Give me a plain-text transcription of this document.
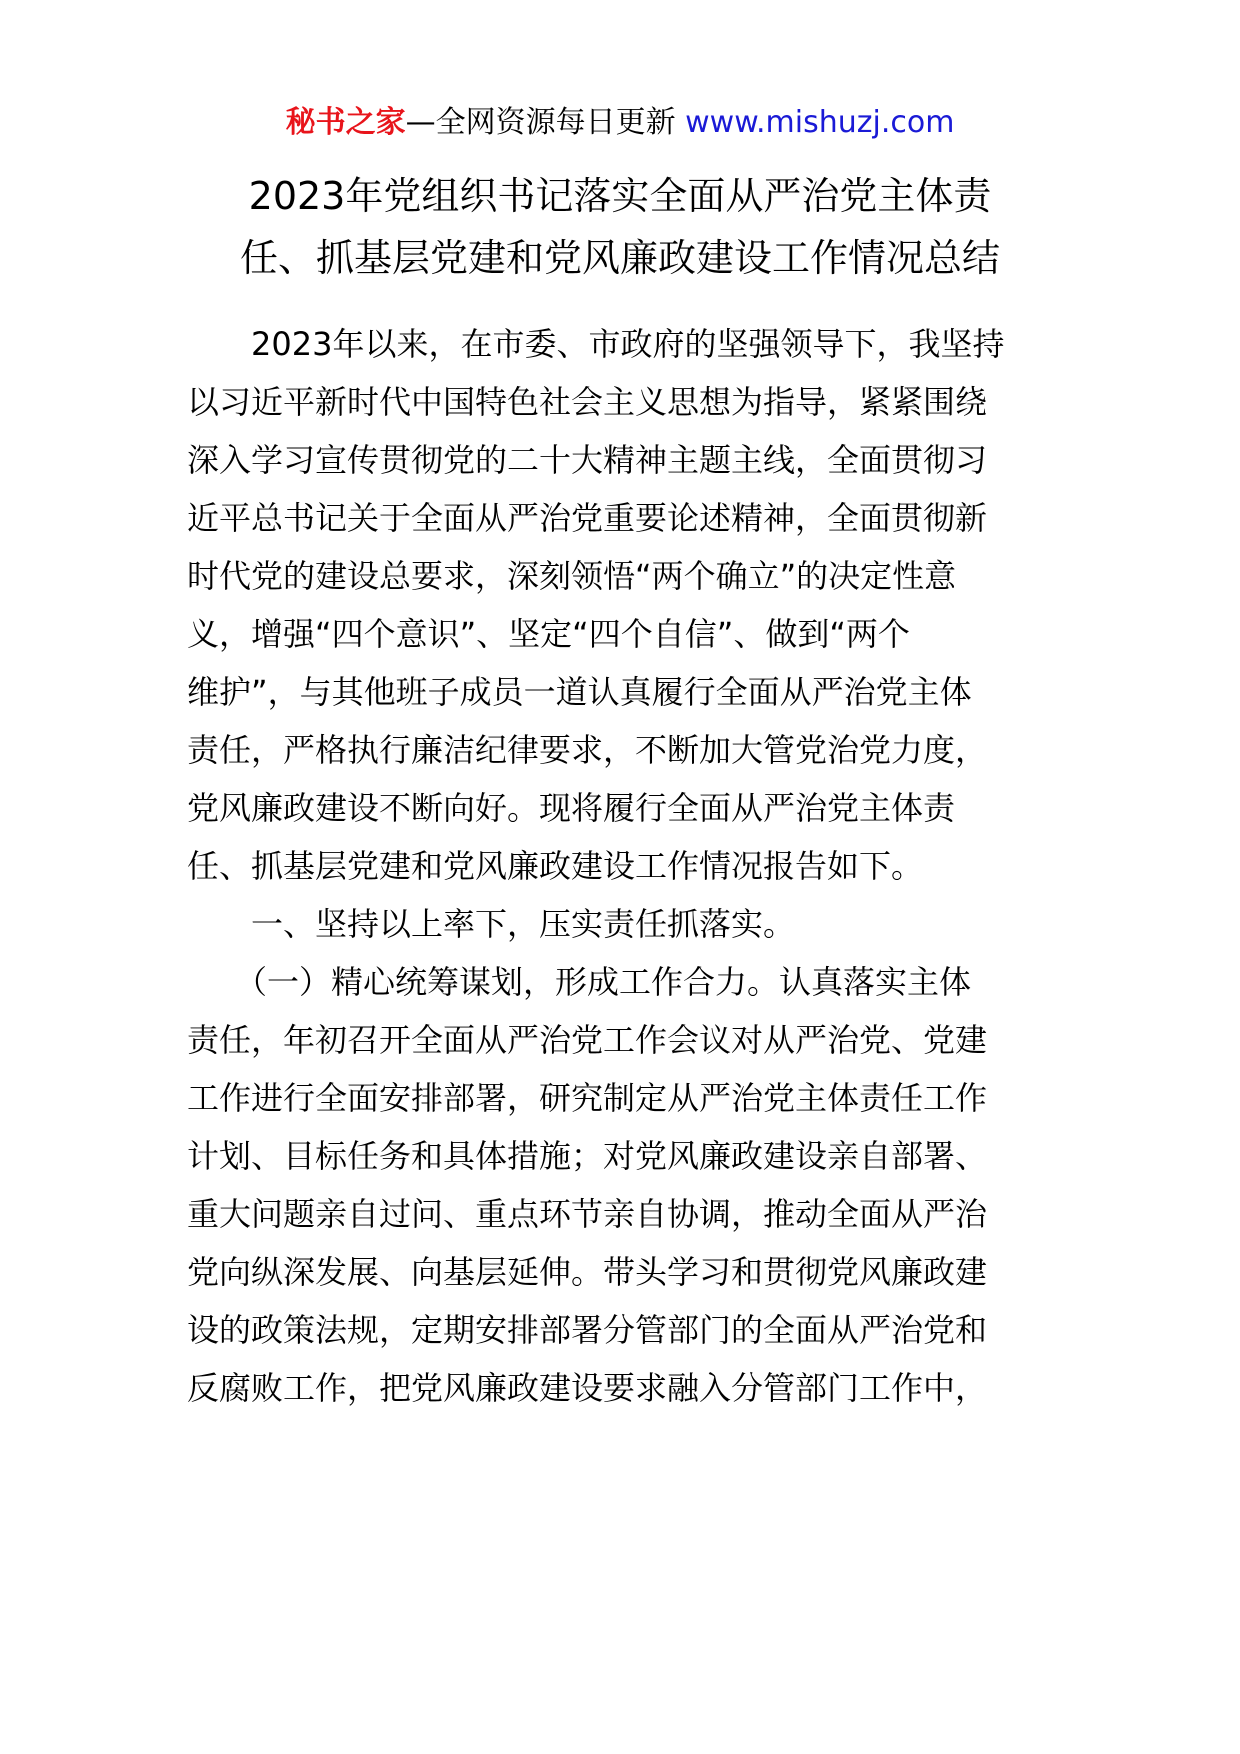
秘书之家—全网资源每日更新 www.mishuzj.com
2023年党组织书记落实全面从严治党主体责
任、抓基层党建和党风廉政建设工作情况总结
　　2023年以来，在市委、市政府的坚强领导下，我坚持
以习近平新时代中国特色社会主义思想为指导，紧紧围绕
深入学习宣传贯彻党的二十大精神主题主线，全面贯彻习
近平总书记关于全面从严治党重要论述精神，全面贯彻新
时代党的建设总要求，深刻领悟“两个确立”的决定性意
义，增强“四个意识”、坚定“四个自信”、做到“两个
维护”，与其他班子成员一道认真履行全面从严治党主体
责任，严格执行廉洁纪律要求，不断加大管党治党力度，
党风廉政建设不断向好。现将履行全面从严治党主体责
任、抓基层党建和党风廉政建设工作情况报告如下。
　　一、坚持以上率下，压实责任抓落实。
　　（一）精心统筹谋划，形成工作合力。认真落实主体
责任，年初召开全面从严治党工作会议对从严治党、党建
工作进行全面安排部署，研究制定从严治党主体责任工作
计划、目标任务和具体措施；对党风廉政建设亲自部署、
重大问题亲自过问、重点环节亲自协调，推动全面从严治
党向纵深发展、向基层延伸。带头学习和贯彻党风廉政建
设的政策法规，定期安排部署分管部门的全面从严治党和
反腐败工作，把党风廉政建设要求融入分管部门工作中，
